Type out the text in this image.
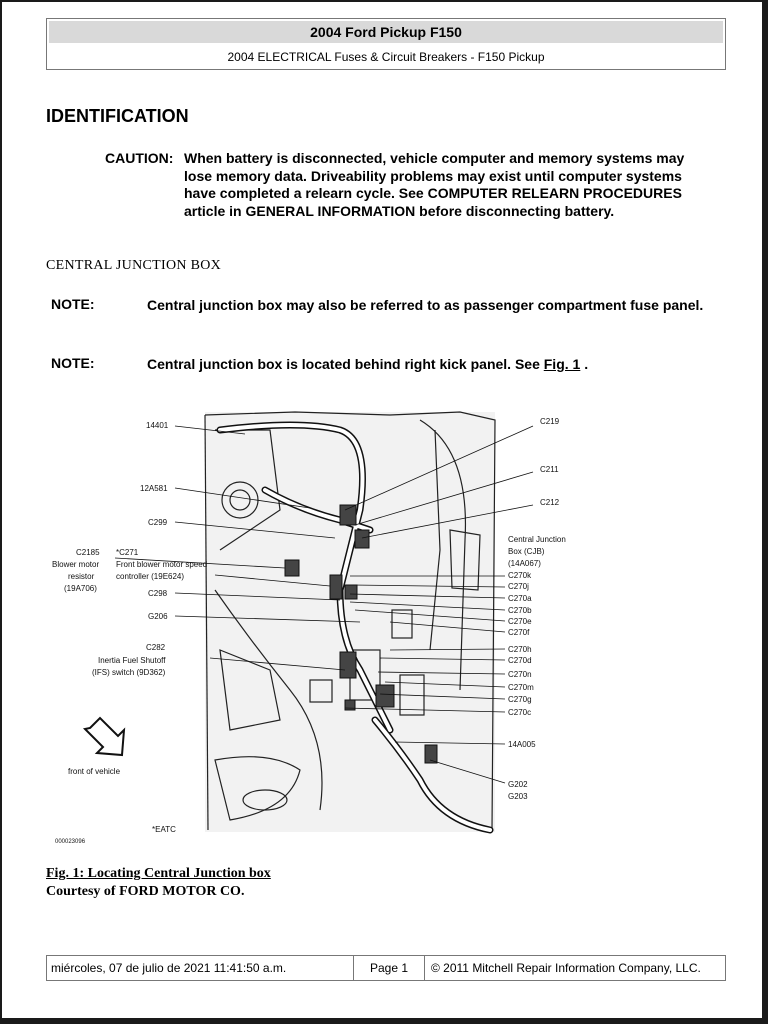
2004 Ford Pickup F150
2004 ELECTRICAL Fuses & Circuit Breakers - F150 Pickup
IDENTIFICATION
CAUTION: When battery is disconnected, vehicle computer and memory systems may lose memory data. Driveability problems may exist until computer systems have completed a relearn cycle. See COMPUTER RELEARN PROCEDURES article in GENERAL INFORMATION before disconnecting battery.
CENTRAL JUNCTION BOX
NOTE:	Central junction box may also be referred to as passenger compartment fuse panel.
NOTE:	Central junction box is located behind right kick panel. See Fig. 1 .
14401
12A581
C299
C2185
Blower motor
resistor
(19A706)
*C271
Front blower motor speed
controller (19E624)
C298
G206
C282
Inertia Fuel Shutoff
(IFS) switch (9D362)
front of vehicle
000023096
*EATC
C219
C211
C212
Central Junction
Box (CJB)
(14A067)
C270k
C270j
C270a
C270b
C270e
C270f
C270h
C270d
C270n
C270m
C270g
C270c
14A005
G202
G203
Fig. 1: Locating Central Junction box
Courtesy of FORD MOTOR CO.
miércoles, 07 de julio de 2021 11:41:50 a.m.	Page 1	© 2011 Mitchell Repair Information Company, LLC.
